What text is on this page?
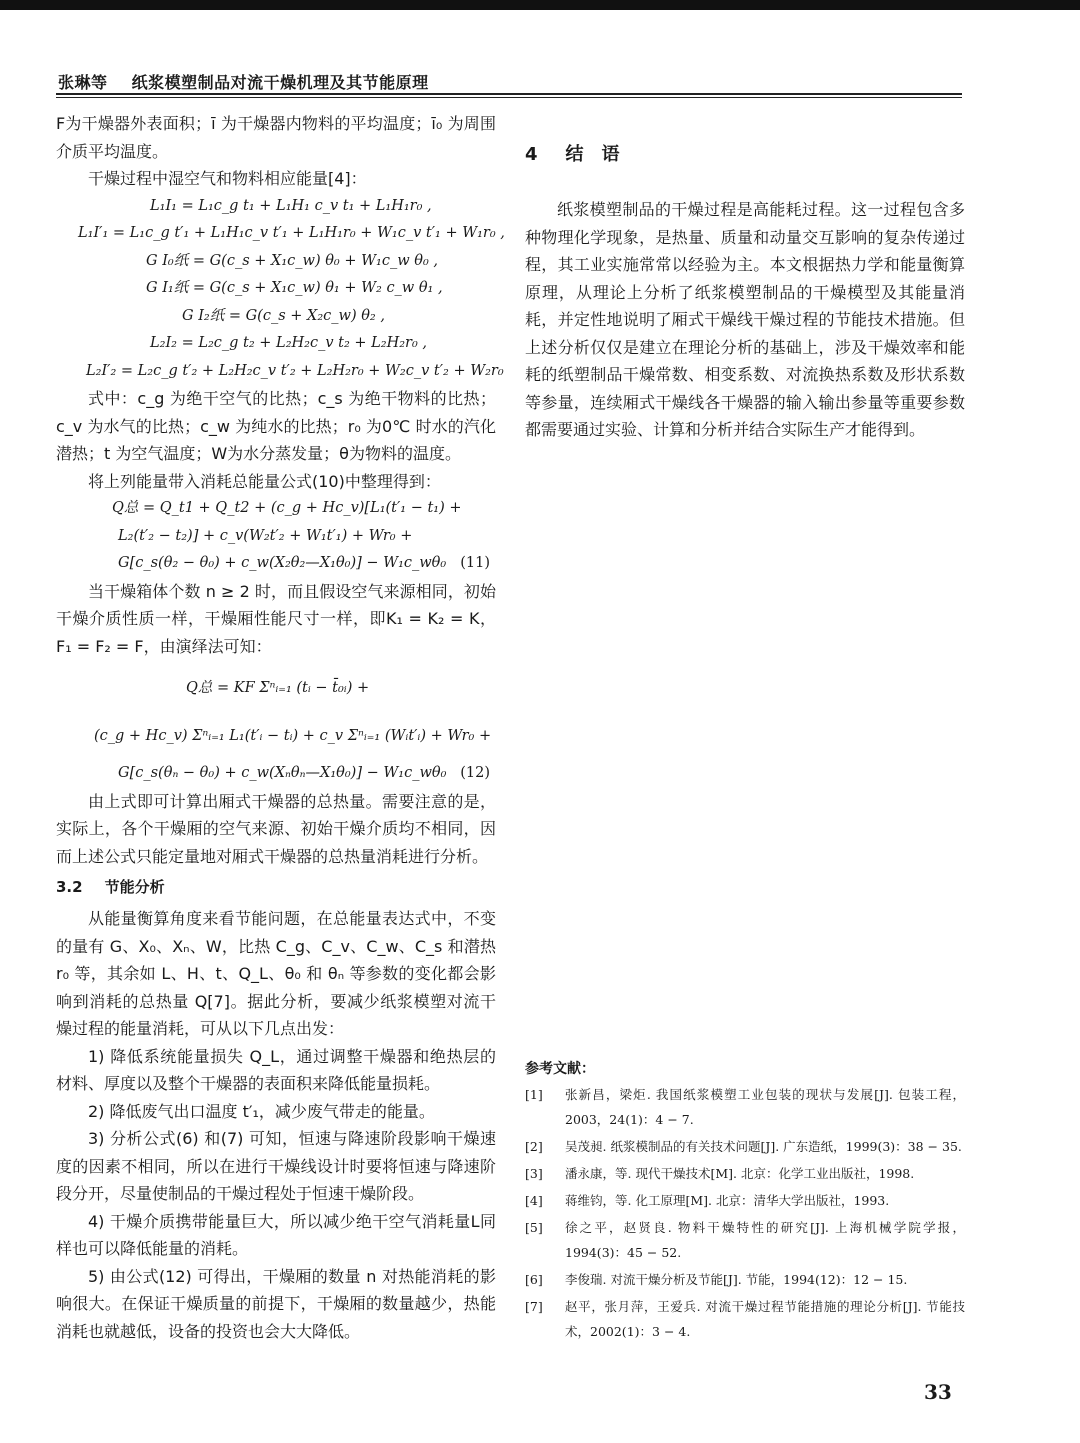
张琳等 纸浆模塑制品对流干燥机理及其节能原理

F为干燥器外表面积；ī 为干燥器内物料的平均温度；ī₀ 为周围介质平均温度。

干燥过程中湿空气和物料相应能量[4]：

L₁I₁ = L₁c_g t₁ + L₁H₁ c_v t₁ + L₁H₁r₀ ,
L₁I′₁ = L₁c_g t′₁ + L₁H₁c_v t′₁ + L₁H₁r₀ + W₁c_v t′₁ + W₁r₀ ,
G I₀纸 = G(c_s + X₁c_w) θ₀ + W₁c_w θ₀ ,
G I₁纸 = G(c_s + X₁c_w) θ₁ + W₂ c_w θ₁ ,
G I₂纸 = G(c_s + X₂c_w) θ₂ ,
L₂I₂ = L₂c_g t₂ + L₂H₂c_v t₂ + L₂H₂r₀ ,
L₂I′₂ = L₂c_g t′₂ + L₂H₂c_v t′₂ + L₂H₂r₀ + W₂c_v t′₂ + W₂r₀

式中：c_g 为绝干空气的比热；c_s 为绝干物料的比热；c_v 为水气的比热；c_w 为纯水的比热；r₀ 为0℃ 时水的汽化潜热；t 为空气温度；W为水分蒸发量；θ为物料的温度。

将上列能量带入消耗总能量公式(10)中整理得到：

Q总 = Q_t1 + Q_t2 + (c_g + Hc_v)[L₁(t′₁ − t₁) +
L₂(t′₂ − t₂)] + c_v(W₂t′₂ + W₁t′₁) + Wr₀ +
G[c_s(θ₂ − θ₀) + c_w(X₂θ₂—X₁θ₀)] − W₁c_wθ₀ (11)

当干燥箱体个数 n ≥ 2 时，而且假设空气来源相同，初始干燥介质性质一样，干燥厢性能尺寸一样，即K₁ = K₂ = K，F₁ = F₂ = F，由演绎法可知：

Q总 = KF Σⁿᵢ₌₁ (tᵢ − t̄₀ᵢ) +
(c_g + Hc_v) Σⁿᵢ₌₁ L₁(t′ᵢ − tᵢ) + c_v Σⁿᵢ₌₁ (Wᵢt′ᵢ) + Wr₀ +
G[c_s(θₙ − θ₀) + c_w(Xₙθₙ—X₁θ₀)] − W₁c_wθ₀ (12)

由上式即可计算出厢式干燥器的总热量。需要注意的是，实际上，各个干燥厢的空气来源、初始干燥介质均不相同，因而上述公式只能定量地对厢式干燥器的总热量消耗进行分析。

3.2 节能分析

从能量衡算角度来看节能问题，在总能量表达式中，不变的量有 G、X₀、Xₙ、W，比热 C_g、C_v、C_w、C_s 和潜热 r₀ 等，其余如 L、H、t、Q_L、θ₀ 和 θₙ 等参数的变化都会影响到消耗的总热量 Q[7]。据此分析，要减少纸浆模塑对流干燥过程的能量消耗，可从以下几点出发：

1) 降低系统能量损失 Q_L，通过调整干燥器和绝热层的材料、厚度以及整个干燥器的表面积来降低能量损耗。

2) 降低废气出口温度 t′₁，减少废气带走的能量。

3) 分析公式(6) 和(7) 可知，恒速与降速阶段影响干燥速度的因素不相同，所以在进行干燥线设计时要将恒速与降速阶段分开，尽量使制品的干燥过程处于恒速干燥阶段。

4) 干燥介质携带能量巨大，所以减少绝干空气消耗量L同样也可以降低能量的消耗。

5) 由公式(12) 可得出，干燥厢的数量 n 对热能消耗的影响很大。在保证干燥质量的前提下，干燥厢的数量越少，热能消耗也就越低，设备的投资也会大大降低。

4 结　语

纸浆模塑制品的干燥过程是高能耗过程。这一过程包含多种物理化学现象，是热量、质量和动量交互影响的复杂传递过程，其工业实施常常以经验为主。本文根据热力学和能量衡算原理，从理论上分析了纸浆模塑制品的干燥模型及其能量消耗，并定性地说明了厢式干燥线干燥过程的节能技术措施。但上述分析仅仅是建立在理论分析的基础上，涉及干燥效率和能耗的纸塑制品干燥常数、相变系数、对流换热系数及形状系数等参量，连续厢式干燥线各干燥器的输入输出参量等重要参数都需要通过实验、计算和分析并结合实际生产才能得到。

参考文献：
[1]	张新昌，梁炬. 我国纸浆模塑工业包装的现状与发展[J]. 包装工程，2003，24(1)：4 − 7.
[2]	吴茂昶. 纸浆模制品的有关技术问题[J]. 广东造纸，1999(3)：38 − 35.
[3]	潘永康，等. 现代干燥技术[M]. 北京：化学工业出版社，1998.
[4]	蒋维钧，等. 化工原理[M]. 北京：清华大学出版社，1993.
[5]	徐之平，赵贤良. 物料干燥特性的研究[J]. 上海机械学院学报，1994(3)：45 − 52.
[6]	李俊瑞. 对流干燥分析及节能[J]. 节能，1994(12)：12 − 15.
[7]	赵平，张月萍，王爱兵. 对流干燥过程节能措施的理论分析[J]. 节能技术，2002(1)：3 − 4.
33
